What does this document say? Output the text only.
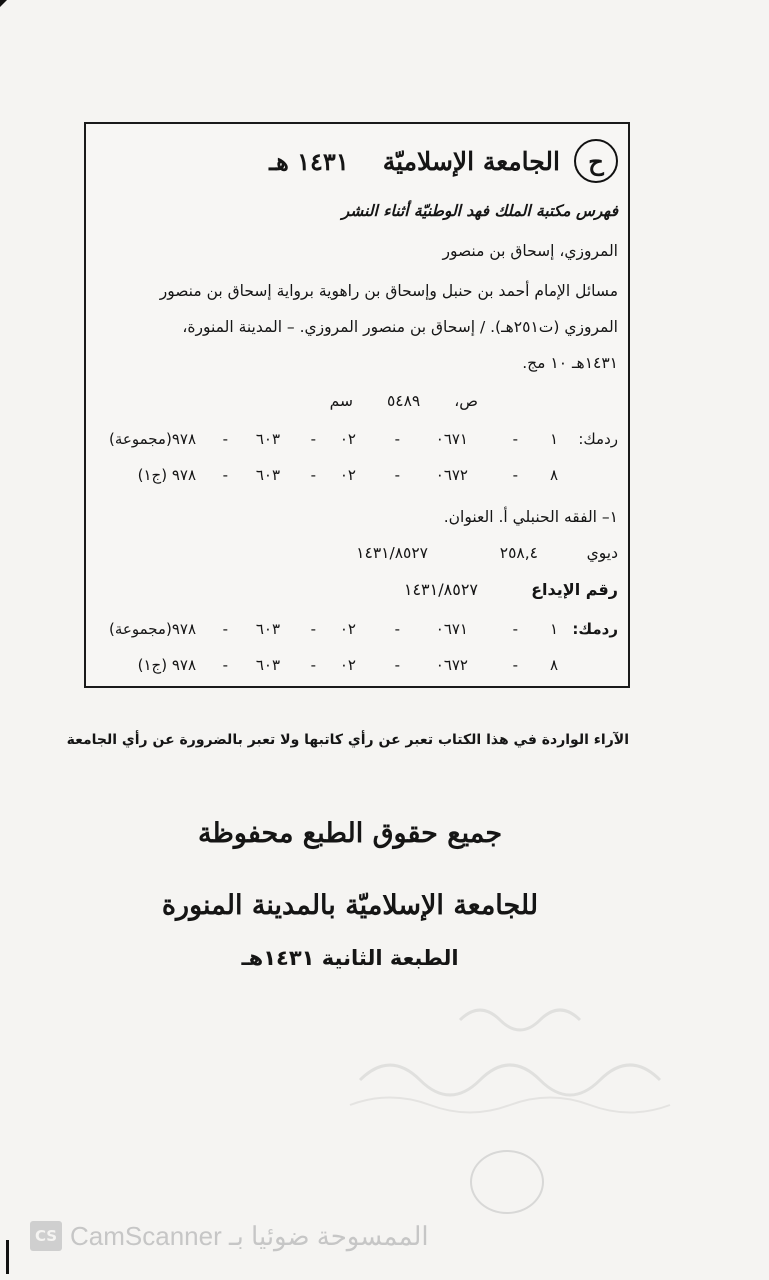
ح
الجامعة الإسلاميّة
١٤٣١ هـ
فهرس مكتبة الملك فهد الوطنيّة أثناء النشر
المروزي، إسحاق بن منصور
مسائل الإمام أحمد بن حنبل وإسحاق بن راهوية برواية إسحاق بن منصور
المروزي (ت٢٥١هـ). / إسحاق بن منصور المروزي. – المدينة المنورة،
١٤٣١هـ ١٠ مج.
ص،٥٤٨٩سم
ردمك:
١
-
٠٦٧١
-
٠٢
-
٦٠٣
-
٩٧٨(مجموعة)
٨
-
٠٦٧٢
-
٠٢
-
٦٠٣
-
٩٧٨ (ج١)
١– الفقه الحنبلي أ. العنوان.
ديوي
٢٥٨,٤
١٤٣١/٨٥٢٧
رقم الإيداع
١٤٣١/٨٥٢٧
ردمك:
١
-
٠٦٧١
-
٠٢
-
٦٠٣
-
٩٧٨(مجموعة)
٨
-
٠٦٧٢
-
٠٢
-
٦٠٣
-
٩٧٨ (ج١)
الآراء الواردة في هذا الكتاب تعبر عن رأي كاتبها ولا تعبر بالضرورة عن رأي الجامعة
جميع حقوق الطبع محفوظة
للجامعة الإسلاميّة بالمدينة المنورة
الطبعة الثانية ١٤٣١هـ
CS CamScanner الممسوحة ضوئيا بـ
